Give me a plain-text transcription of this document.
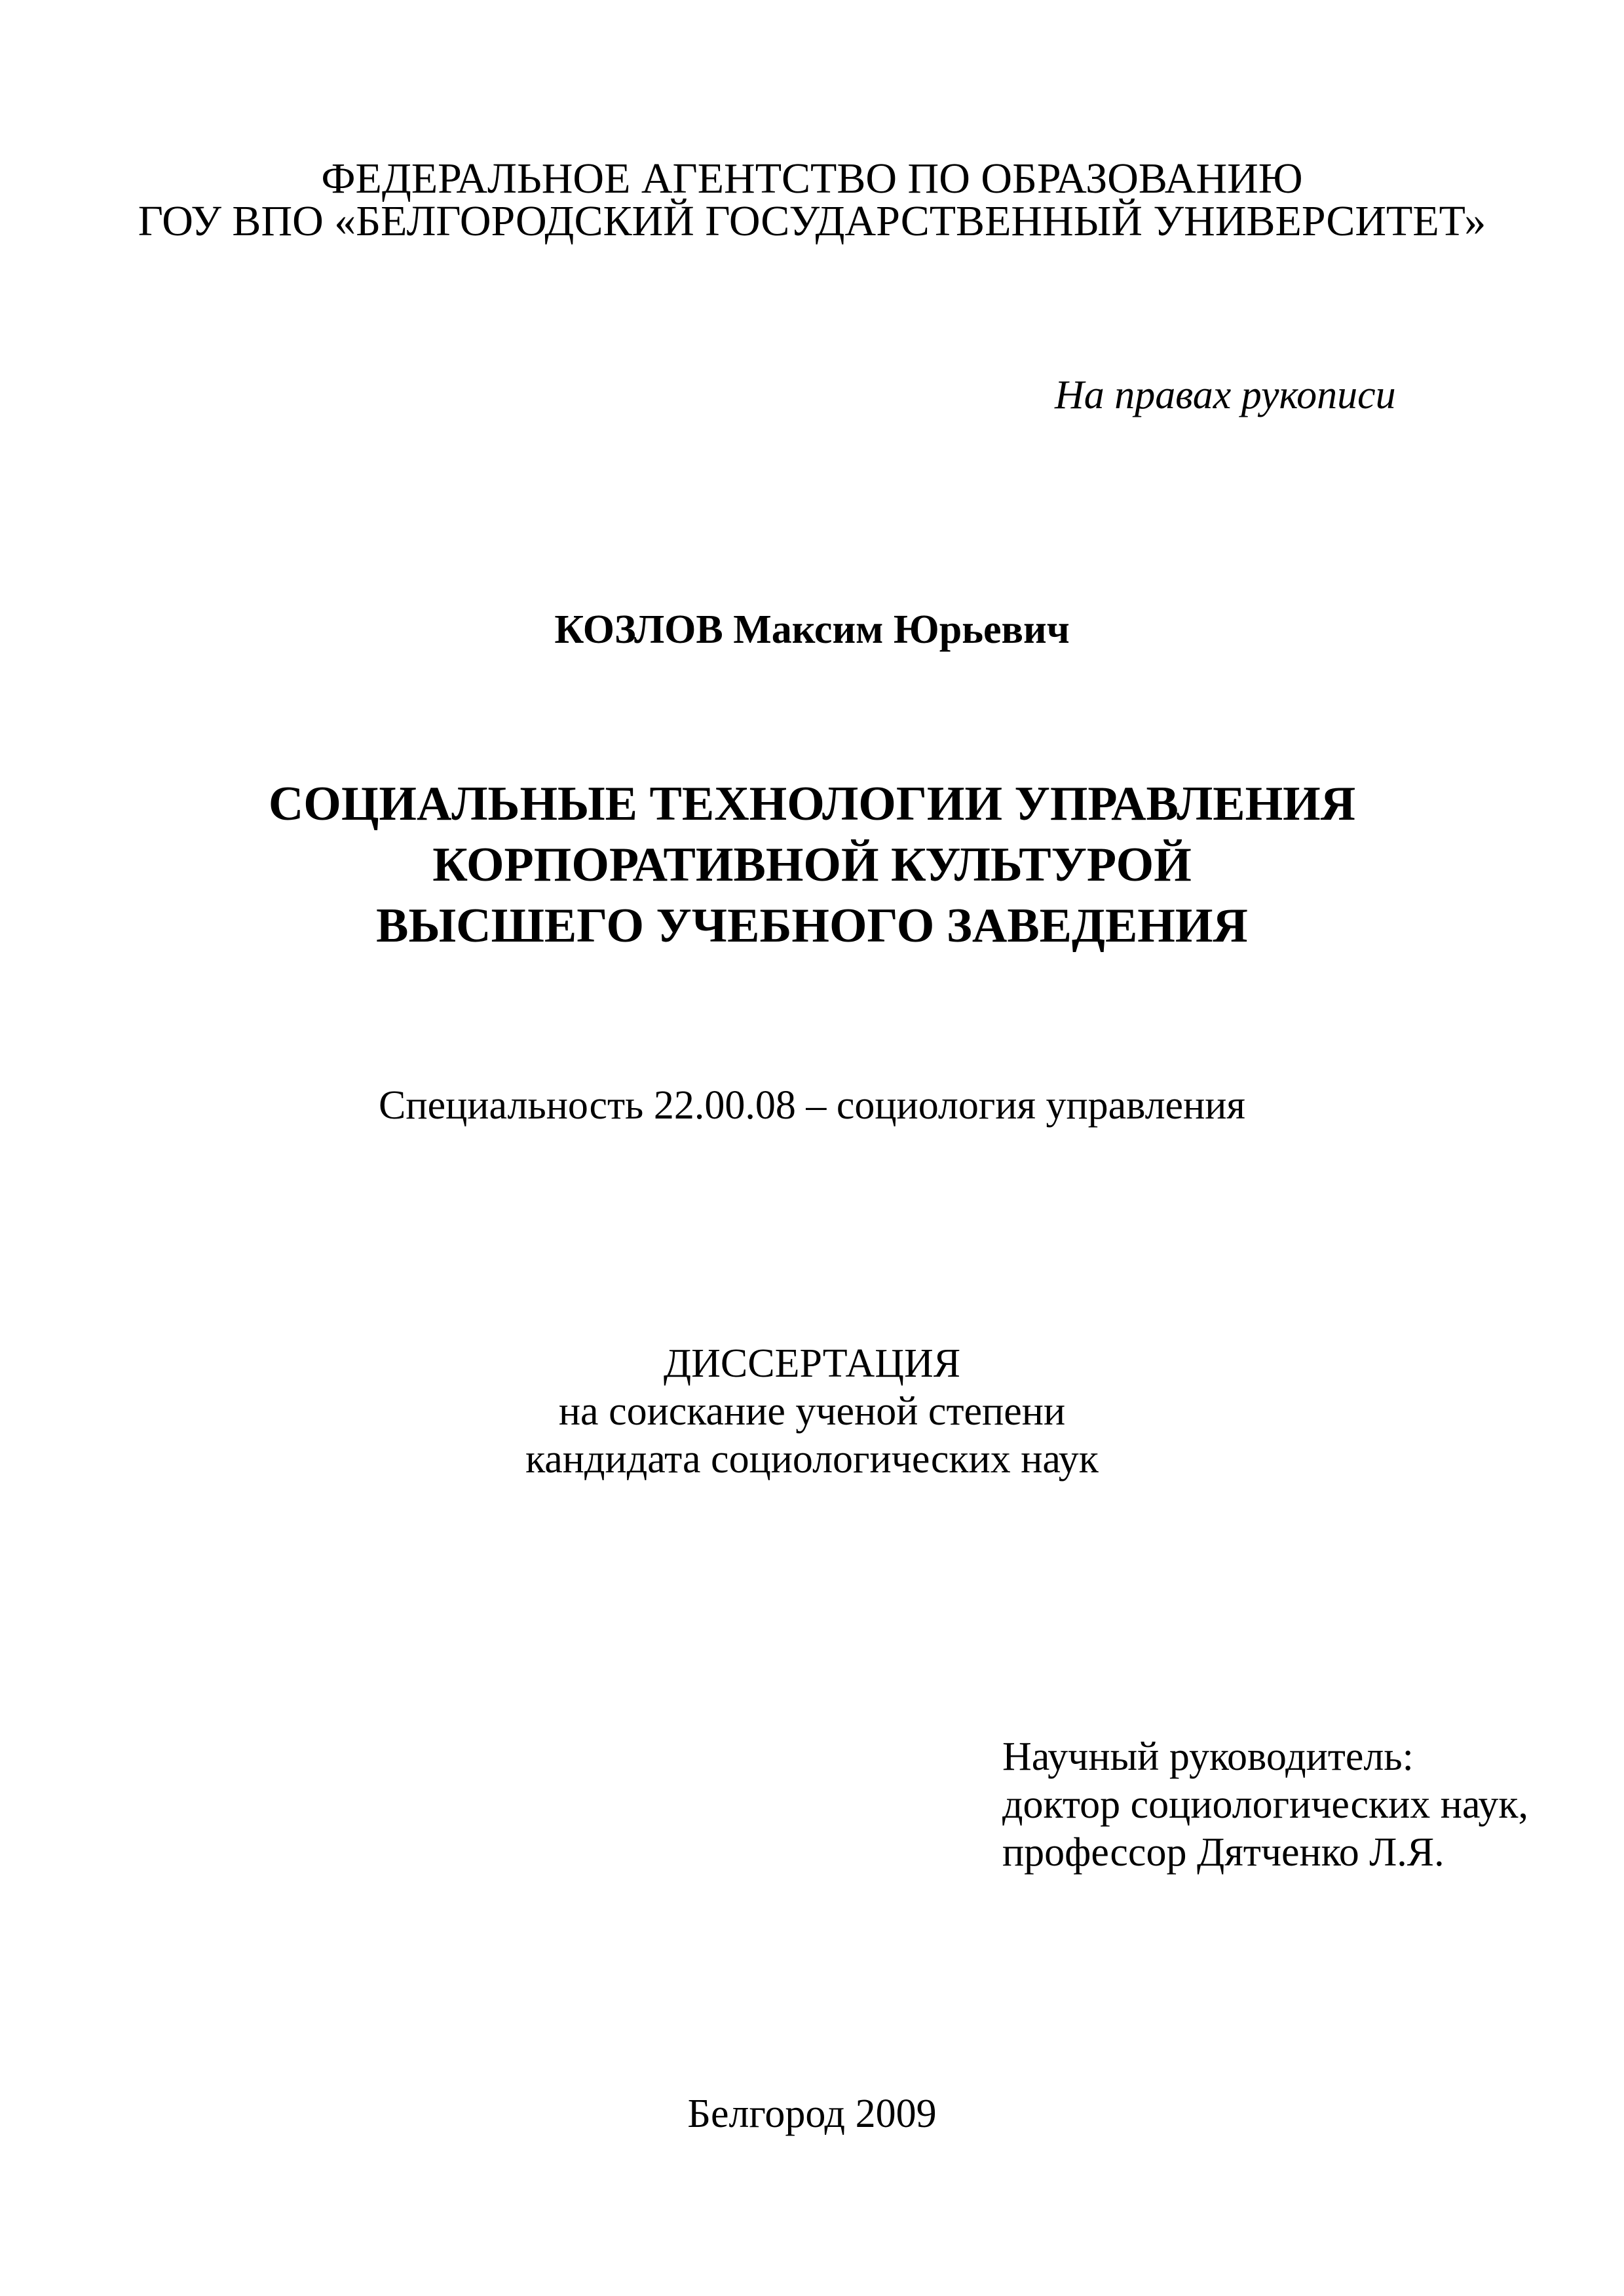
ФЕДЕРАЛЬНОЕ АГЕНТСТВО ПО ОБРАЗОВАНИЮ
ГОУ ВПО «БЕЛГОРОДСКИЙ ГОСУДАРСТВЕННЫЙ УНИВЕРСИТЕТ»
На правах рукописи
КОЗЛОВ Максим Юрьевич
СОЦИАЛЬНЫЕ ТЕХНОЛОГИИ УПРАВЛЕНИЯ
КОРПОРАТИВНОЙ КУЛЬТУРОЙ
ВЫСШЕГО УЧЕБНОГО ЗАВЕДЕНИЯ
Специальность 22.00.08 – социология управления
ДИССЕРТАЦИЯ
на соискание ученой степени
кандидата социологических наук
Научный руководитель:
доктор социологических наук,
профессор Дятченко Л.Я.
Белгород 2009
